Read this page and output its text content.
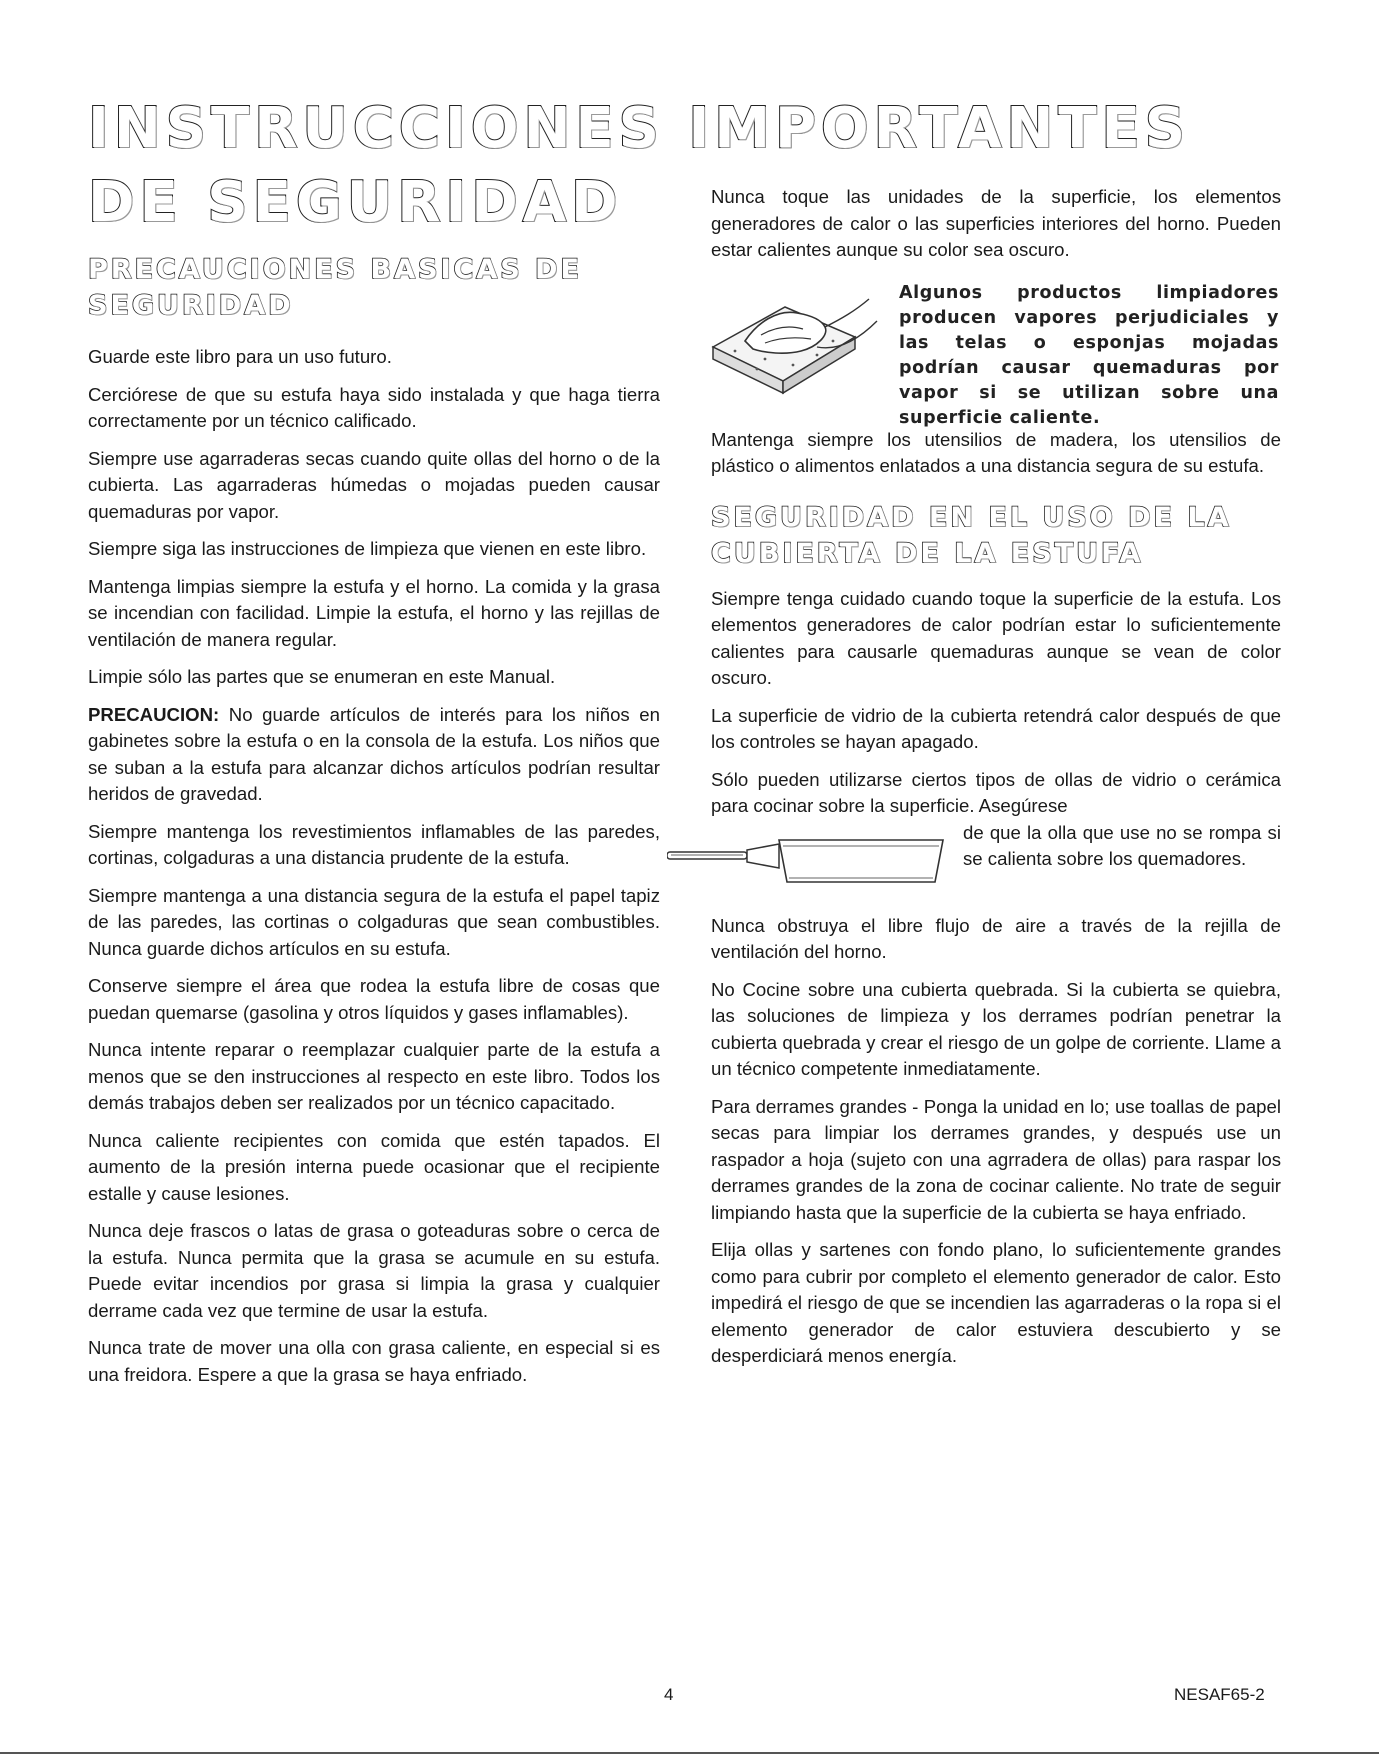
INSTRUCCIONES IMPORTANTES DE SEGURIDAD
PRECAUCIONES BASICAS DE SEGURIDAD

Guarde este libro para un uso futuro.

Cerciórese de que su estufa haya sido instalada y que haga tierra correctamente por un técnico calificado.

Siempre use agarraderas secas cuando quite ollas del horno o de la cubierta. Las agarraderas húmedas o mojadas pueden causar quemaduras por vapor.

Siempre siga las instrucciones de limpieza que vienen en este libro.

Mantenga limpias siempre la estufa y el horno. La comida y la grasa se incendian con facilidad. Limpie la estufa, el horno y las rejillas de ventilación de manera regular.

Limpie sólo las partes que se enumeran en este Manual.

PRECAUCION: No guarde artículos de interés para los niños en gabinetes sobre la estufa o en la consola de la estufa. Los niños que se suban a la estufa para alcanzar dichos artículos podrían resultar heridos de gravedad.

Siempre mantenga los revestimientos inflamables de las paredes, cortinas, colgaduras a una distancia prudente de la estufa.

Siempre mantenga a una distancia segura de la estufa el papel tapiz de las paredes, las cortinas o colgaduras que sean combustibles. Nunca guarde dichos artículos en su estufa.

Conserve siempre el área que rodea la estufa libre de cosas que puedan quemarse (gasolina y otros líquidos y gases inflamables).

Nunca intente reparar o reemplazar cualquier parte de la estufa a menos que se den instrucciones al respecto en este libro. Todos los demás trabajos deben ser realizados por un técnico capacitado.

Nunca caliente recipientes con comida que estén tapados. El aumento de la presión interna puede ocasionar que el recipiente estalle y cause lesiones.

Nunca deje frascos o latas de grasa o goteaduras sobre o cerca de la estufa. Nunca permita que la grasa se acumule en su estufa. Puede evitar incendios por grasa si limpia la grasa y cualquier derrame cada vez que termine de usar la estufa.

Nunca trate de mover una olla con grasa caliente, en especial si es una freidora. Espere a que la grasa se haya enfriado.

Nunca toque las unidades de la superficie, los elementos generadores de calor o las superficies interiores del horno. Pueden estar calientes aunque su color sea oscuro.

Algunos productos limpiadores producen vapores perjudiciales y las telas o esponjas mojadas podrían causar quemaduras por vapor si se utilizan sobre una superficie caliente.

Mantenga siempre los utensilios de madera, los utensilios de plástico o alimentos enlatados a una distancia segura de su estufa.

SEGURIDAD EN EL USO DE LA CUBIERTA DE LA ESTUFA

Siempre tenga cuidado cuando toque la superficie de la estufa. Los elementos generadores de calor podrían estar lo suficientemente calientes para causarle quemaduras aunque se vean de color oscuro.

La superficie de vidrio de la cubierta retendrá calor después de que los controles se hayan apagado.

Sólo pueden utilizarse ciertos tipos de ollas de vidrio o cerámica para cocinar sobre la superficie. Asegúrese

de que la olla que use no se rompa si se calienta sobre los quemadores.

Nunca obstruya el libre flujo de aire a través de la rejilla de ventilación del horno.

No Cocine sobre una cubierta quebrada. Si la cubierta se quiebra, las soluciones de limpieza y los derrames podrían penetrar la cubierta quebrada y crear el riesgo de un golpe de corriente. Llame a un técnico competente inmediatamente.

Para derrames grandes - Ponga la unidad en lo; use toallas de papel secas para limpiar los derrames grandes, y después use un raspador a hoja (sujeto con una agrradera de ollas) para raspar los derrames grandes de la zona de cocinar caliente. No trate de seguir limpiando hasta que la superficie de la cubierta se haya enfriado.

Elija ollas y sartenes con fondo plano, lo suficientemente grandes como para cubrir por completo el elemento generador de calor. Esto impedirá el riesgo de que se incendien las agarraderas o la ropa si el elemento generador de calor estuviera descubierto y se desperdiciará menos energía.

4	NESAF65-2
